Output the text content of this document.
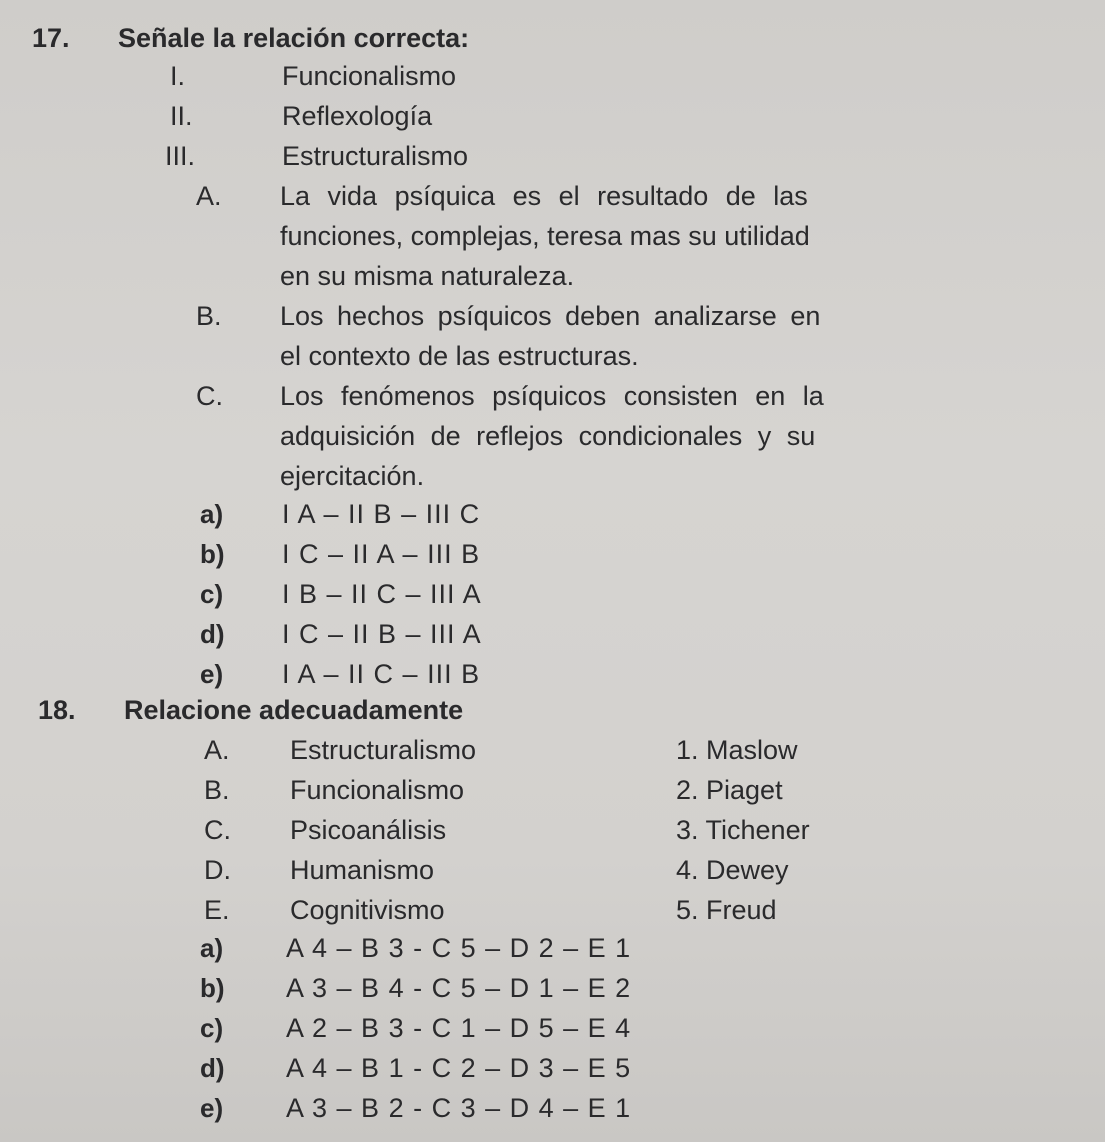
17. Señale la relación correcta:
I.	Funcionalismo
II.	Reflexología
III.	Estructuralismo
A. La vida psíquica es el resultado de las
funciones, complejas, teresa mas su utilidad
en su misma naturaleza.
B. Los hechos psíquicos deben analizarse en
el contexto de las estructuras.
C. Los fenómenos psíquicos consisten en la
adquisición de reflejos condicionales y su
ejercitación.
a) I A – II B – III C
b) I C – II A – III B
c) I B – II C – III A
d) I C – II B – III A
e) I A – II C – III B
18. Relacione adecuadamente
A. Estructuralismo	1. Maslow
B. Funcionalismo	2. Piaget
C. Psicoanálisis	3. Tichener
D. Humanismo	4. Dewey
E. Cognitivismo	5. Freud
a) A 4 – B 3 - C 5 – D 2 – E 1
b) A 3 – B 4 - C 5 – D 1 – E 2
c) A 2 – B 3 - C 1 – D 5 – E 4
d) A 4 – B 1 - C 2 – D 3 – E 5
e) A 3 – B 2 - C 3 – D 4 – E 1
